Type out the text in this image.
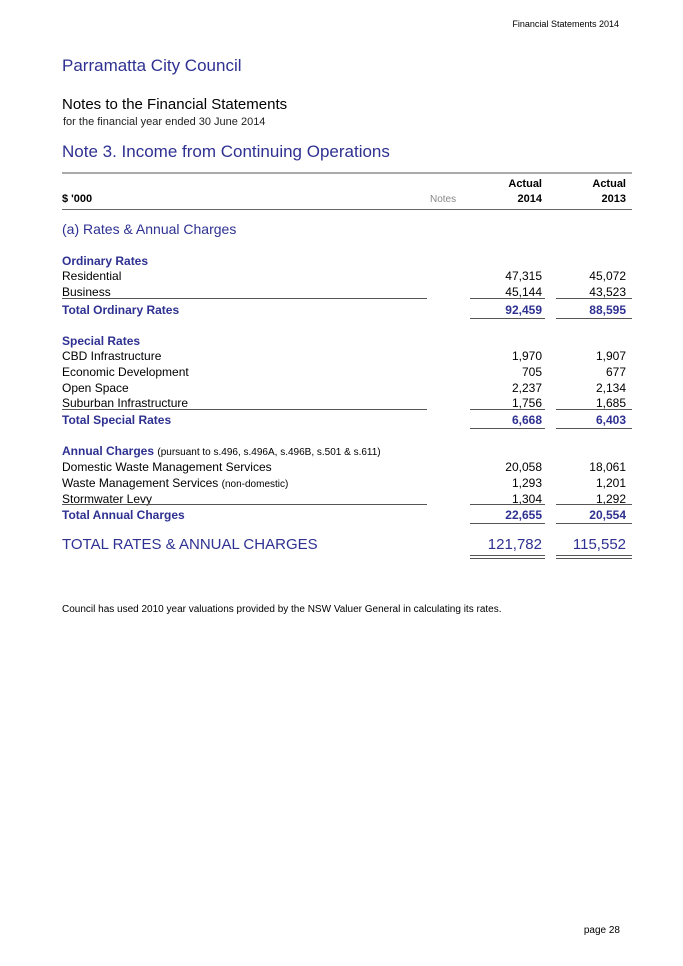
Financial Statements 2014
Parramatta City Council
Notes to the Financial Statements
for the financial year ended 30 June 2014
Note 3. Income from Continuing Operations
Actual	Actual
$ '000	Notes	2014	2013
(a) Rates & Annual Charges
Ordinary Rates
Residential	47,315	45,072
Business	45,144	43,523
Total Ordinary Rates	92,459	88,595
Special Rates
CBD Infrastructure	1,970	1,907
Economic Development	705	677
Open Space	2,237	2,134
Suburban Infrastructure	1,756	1,685
Total Special Rates	6,668	6,403
Annual Charges (pursuant to s.496, s.496A, s.496B, s.501 & s.611)
Domestic Waste Management Services	20,058	18,061
Waste Management Services (non-domestic)	1,293	1,201
Stormwater Levy	1,304	1,292
Total Annual Charges	22,655	20,554
TOTAL RATES & ANNUAL CHARGES	121,782 115,552
Council has used 2010 year valuations provided by the NSW Valuer General in calculating its rates.
page 28
